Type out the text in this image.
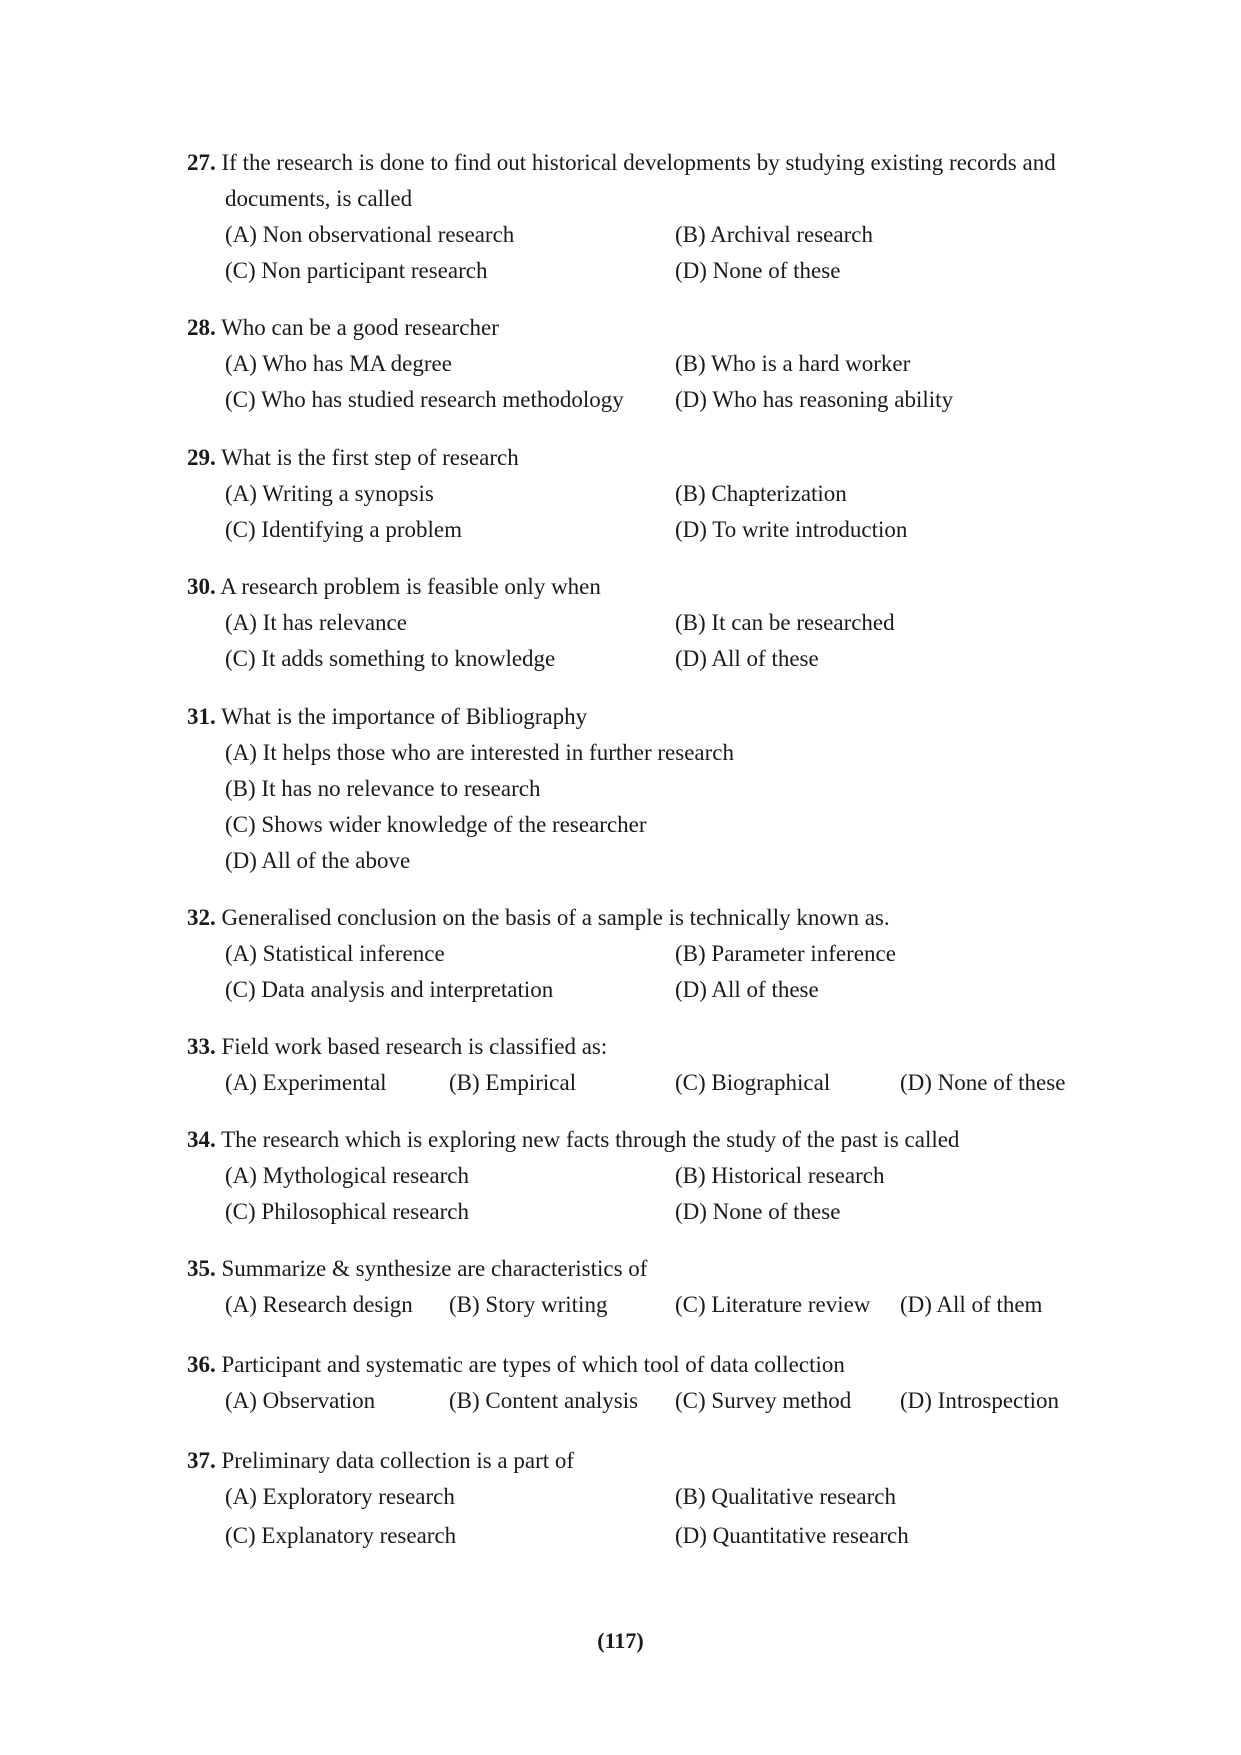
27. If the research is done to find out historical developments by studying existing records and documents, is called
(A) Non observational research	(B) Archival research
(C) Non participant research	(D) None of these
28. Who can be a good researcher
(A) Who has MA degree	(B) Who is a hard worker
(C) Who has studied research methodology (D) Who has reasoning ability
29. What is the first step of research
(A) Writing a synopsis	(B) Chapterization
(C) Identifying a problem	(D) To write introduction
30. A research problem is feasible only when
(A) It has relevance	(B) It can be researched
(C) It adds something to knowledge	(D) All of these
31. What is the importance of Bibliography
(A) It helps those who are interested in further research
(B) It has no relevance to research
(C) Shows wider knowledge of the researcher
(D) All of the above
32. Generalised conclusion on the basis of a sample is technically known as.
(A) Statistical inference	(B) Parameter inference
(C) Data analysis and interpretation	(D) All of these
33. Field work based research is classified as:
(A) Experimental	(B) Empirical	(C) Biographical	(D) None of these
34. The research which is exploring new facts through the study of the past is called
(A) Mythological research	(B) Historical research
(C) Philosophical research	(D) None of these
35. Summarize & synthesize are characteristics of
(A) Research design (B) Story writing	(C) Literature review (D) All of them
36. Participant and systematic are types of which tool of data collection
(A) Observation	(B) Content analysis (C) Survey method (D) Introspection
37. Preliminary data collection is a part of
(A) Exploratory research	(B) Qualitative research
(C) Explanatory research	(D) Quantitative research
(117)
